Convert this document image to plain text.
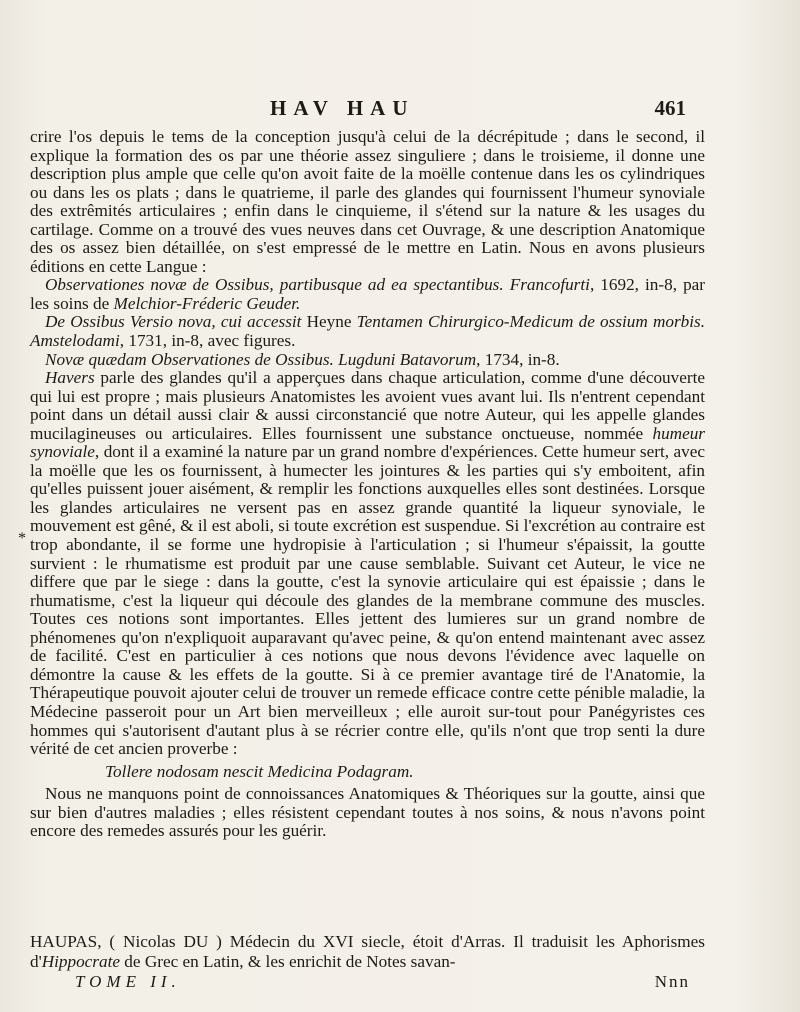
HAV HAU	461
*

crire l'os depuis le tems de la conception jusqu'à celui de la décrépitude ; dans le second, il explique la formation des os par une théorie assez singuliere ; dans le troisieme, il donne une description plus ample que celle qu'on avoit faite de la moëlle contenue dans les os cylindriques ou dans les os plats ; dans le quatrieme, il parle des glandes qui fournissent l'humeur synoviale des extrêmités articulaires ; enfin dans le cinquieme, il s'étend sur la nature & les usages du cartilage. Comme on a trouvé des vues neuves dans cet Ouvrage, & une description Anatomique des os assez bien détaillée, on s'est empressé de le mettre en Latin. Nous en avons plusieurs éditions en cette Langue :

Observationes novæ de Ossibus, partibusque ad ea spectantibus. Francofurti, 1692, in-8, par les soins de Melchior-Fréderic Geuder.

De Ossibus Versio nova, cui accessit Heyne Tentamen Chirurgico-Medicum de ossium morbis. Amstelodami, 1731, in-8, avec figures.

Novæ quædam Observationes de Ossibus. Lugduni Batavorum, 1734, in-8.

Havers parle des glandes qu'il a apperçues dans chaque articulation, comme d'une découverte qui lui est propre ; mais plusieurs Anatomistes les avoient vues avant lui. Ils n'entrent cependant point dans un détail aussi clair & aussi circonstancié que notre Auteur, qui les appelle glandes mucilagineuses ou articulaires. Elles fournissent une substance onctueuse, nommée humeur synoviale, dont il a examiné la nature par un grand nombre d'expériences. Cette humeur sert, avec la moëlle que les os fournissent, à humecter les jointures & les parties qui s'y emboitent, afin qu'elles puissent jouer aisément, & remplir les fonctions auxquelles elles sont destinées. Lorsque les glandes articulaires ne versent pas en assez grande quantité la liqueur synoviale, le mouvement est gêné, & il est aboli, si toute excrétion est suspendue. Si l'excrétion au contraire est trop abondante, il se forme une hydropisie à l'articulation ; si l'humeur s'épaissit, la goutte survient : le rhumatisme est produit par une cause semblable. Suivant cet Auteur, le vice ne differe que par le siege : dans la goutte, c'est la synovie articulaire qui est épaissie ; dans le rhumatisme, c'est la liqueur qui découle des glandes de la membrane commune des muscles. Toutes ces notions sont importantes. Elles jettent des lumieres sur un grand nombre de phénomenes qu'on n'expliquoit auparavant qu'avec peine, & qu'on entend maintenant avec assez de facilité. C'est en particulier à ces notions que nous devons l'évidence avec laquelle on démontre la cause & les effets de la goutte. Si à ce premier avantage tiré de l'Anatomie, la Thérapeutique pouvoit ajouter celui de trouver un remede efficace contre cette pénible maladie, la Médecine passeroit pour un Art bien merveilleux ; elle auroit sur-tout pour Panégyristes ces hommes qui s'autorisent d'autant plus à se récrier contre elle, qu'ils n'ont que trop senti la dure vérité de cet ancien proverbe :

Tollere nodosam nescit Medicina Podagram.

Nous ne manquons point de connoissances Anatomiques & Théoriques sur la goutte, ainsi que sur bien d'autres maladies ; elles résistent cependant toutes à nos soins, & nous n'avons point encore des remedes assurés pour les guérir.

HAUPAS, ( Nicolas DU ) Médecin du XVI siecle, étoit d'Arras. Il traduisit les Aphorismes d'Hippocrate de Grec en Latin, & les enrichit de Notes savan-
TOME II.	Nnn
